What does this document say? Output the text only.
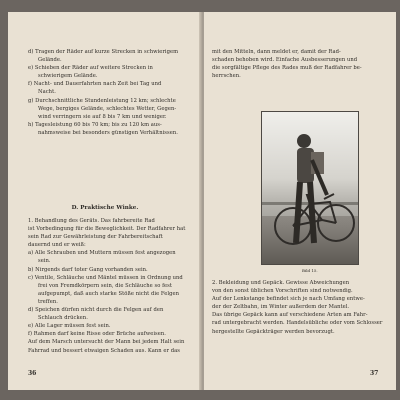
d) Tragen der Räder auf kurze Strecken in schwierigem

Gelände.

e) Schieben der Räder auf weitere Strecken in

schwierigem Gelände.

f) Nacht- und Dauerfahrten nach Zeit bei Tag und

Nacht.

g) Durchschnittliche Stundenleistung 12 km; schlechte

Wege, bergiges Gelände, schlechtes Wetter, Gegen-

wind verringern sie auf 8 bis 7 km und weniger.

h) Tagesleistung 60 bis 70 km; bis zu 120 km aus-

nahmsweise bei besonders günstigen Verhältnissen.

D. Praktische Winke.

1. Behandlung des Geräts. Das fahrbereite Rad

ist Vorbedingung für die Beweglichkeit. Der Radfahrer hat

sein Rad zur Gewährleistung der Fahrbereitschaft

dauernd und er weiß:

a) Alle Schrauben und Muttern müssen fest angezogen

sein.

b) Nirgends darf toter Gang vorhanden sein.

c) Ventile, Schläuche und Mäntel müssen in Ordnung und

frei von Fremdkörpern sein, die Schläuche so fest

aufgepumpt, daß auch starke Stöße nicht die Felgen

treffen.

d) Speichen dürfen nicht durch die Felgen auf den

Schlauch drücken.

e) Alle Lager müssen fest sein.

f) Rahmen darf keine Risse oder Brüche aufweisen.

Auf dem Marsch untersucht der Mann bei jedem Halt sein

Fahrrad und bessert etwaigen Schaden aus. Kann er das

36

mit den Mitteln, dann meldet er, damit der Rad-

schaden behoben wird. Einfache Ausbesserungen und

die sorgfältige Pflege des Rades muß der Radfahrer be-

herrschen.

Bild 15.

2. Bekleidung und Gepäck. Gewisse Abweichungen

von den sonst üblichen Vorschriften sind notwendig.

Auf der Lenkstange befindet sich je nach Umfang entwe-

der der Zeltbahn, im Winter außerdem der Mantel.

Das übrige Gepäck kann auf verschiedene Arten am Fahr-

rad untergebracht werden. Handelsübliche oder vom Schlosser

hergestellte Gepäckträger werden bevorzugt.

37
